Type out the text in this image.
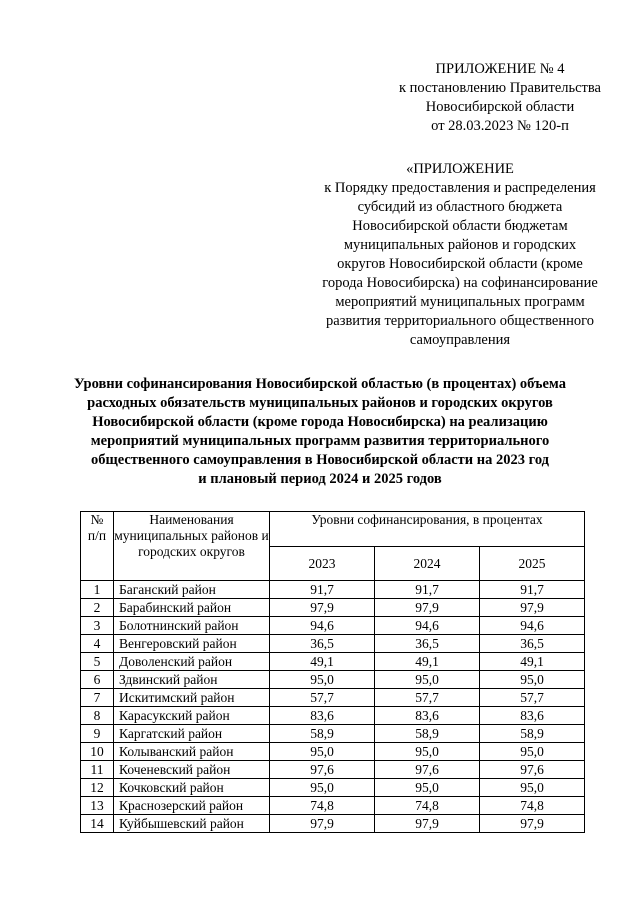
ПРИЛОЖЕНИЕ № 4
к постановлению Правительства
Новосибирской области
от 28.03.2023 № 120-п
«ПРИЛОЖЕНИЕ
к Порядку предоставления и распределения
субсидий из областного бюджета
Новосибирской области бюджетам
муниципальных районов и городских
округов Новосибирской области (кроме
города Новосибирска) на софинансирование
мероприятий муниципальных программ
развития территориального общественного
самоуправления
Уровни софинансирования Новосибирской областью (в процентах) объема
расходных обязательств муниципальных районов и городских округов
Новосибирской области (кроме города Новосибирска) на реализацию
мероприятий муниципальных программ развития территориального
общественного самоуправления в Новосибирской области на 2023 год
и плановый период 2024 и 2025 годов
№
п/п	Наименования муниципальных районов и городских округов	Уровни софинансирования, в процентах		
		2023	2024	2025
1	Баганский район	91,7	91,7	91,7
2	Барабинский район	97,9	97,9	97,9
3	Болотнинский район	94,6	94,6	94,6
4	Венгеровский район	36,5	36,5	36,5
5	Доволенский район	49,1	49,1	49,1
6	Здвинский район	95,0	95,0	95,0
7	Искитимский район	57,7	57,7	57,7
8	Карасукский район	83,6	83,6	83,6
9	Каргатский район	58,9	58,9	58,9
10	Колыванский район	95,0	95,0	95,0
11	Коченевский район	97,6	97,6	97,6
12	Кочковский район	95,0	95,0	95,0
13	Краснозерский район	74,8	74,8	74,8
14	Куйбышевский район	97,9	97,9	97,9
